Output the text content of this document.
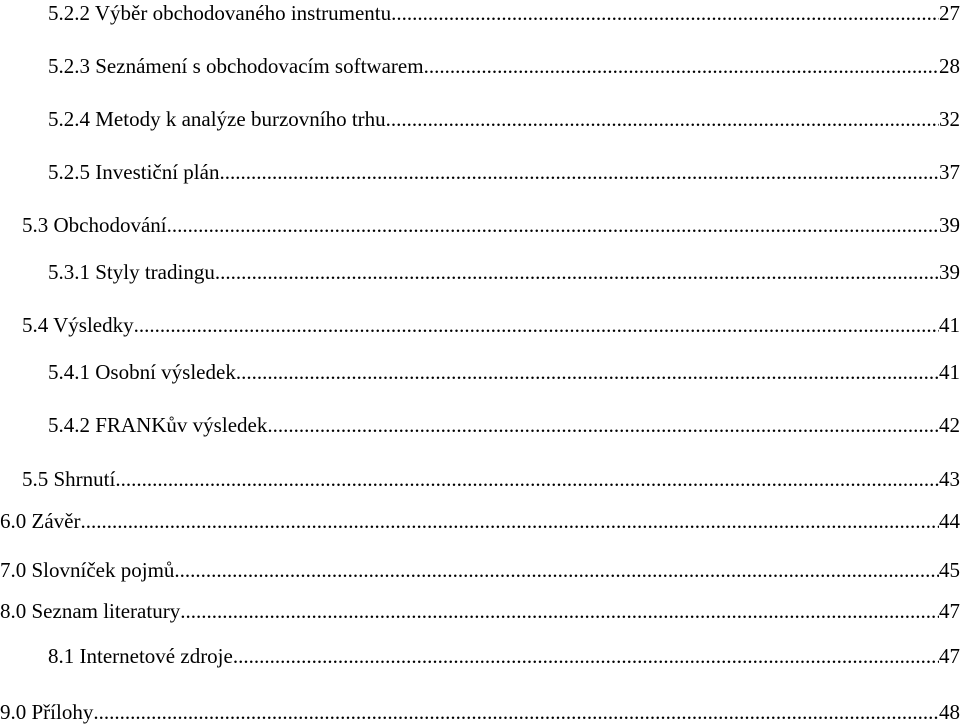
5.2.2 Výběr obchodovaného instrumentu .....	27
5.2.3 Seznámení s obchodovacím softwarem .....	28
5.2.4 Metody k analýze burzovního trhu .....	32
5.2.5 Investiční plán .....	37
5.3 Obchodování .....	39
5.3.1 Styly tradingu .....	39
5.4 Výsledky .....	41
5.4.1 Osobní výsledek .....	41
5.4.2 FRANKův výsledek .....	42
5.5 Shrnutí .....	43
6.0 Závěr .....	44
7.0 Slovníček pojmů .....	45
8.0 Seznam literatury .....	47
8.1 Internetové zdroje .....	47
9.0 Přílohy .....	48
